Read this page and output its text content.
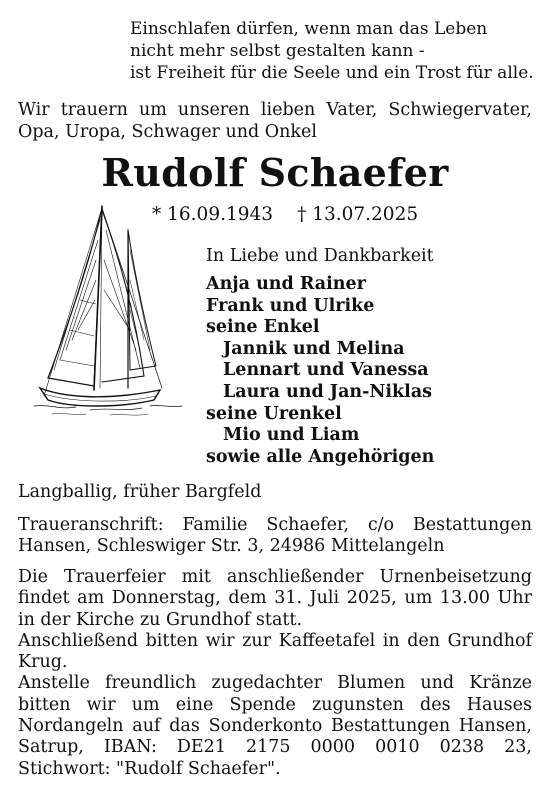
Einschlafen dürfen, wenn man das Leben
nicht mehr selbst gestalten kann -
ist Freiheit für die Seele und ein Trost für alle.
Wir trauern um unseren lieben Vater, Schwiegervater,
Opa, Uropa, Schwager und Onkel
Rudolf Schaefer
* 16.09.1943 † 13.07.2025
In Liebe und Dankbarkeit
Anja und Rainer
Frank und Ulrike
seine Enkel
Jannik und Melina
Lennart und Vanessa
Laura und Jan-Niklas
seine Urenkel
Mio und Liam
sowie alle Angehörigen
Langballig, früher Bargfeld
Traueranschrift: Familie Schaefer, c/o Bestattungen
Hansen, Schleswiger Str. 3, 24986 Mittelangeln
Die Trauerfeier mit anschließender Urnenbeisetzung
findet am Donnerstag, dem 31. Juli 2025, um 13.00 Uhr
in der Kirche zu Grundhof statt.
Anschließend bitten wir zur Kaffeetafel in den Grundhof
Krug.
Anstelle freundlich zugedachter Blumen und Kränze
bitten wir um eine Spende zugunsten des Hauses
Nordangeln auf das Sonderkonto Bestattungen Hansen,
Satrup, IBAN: DE21 2175 0000 0010 0238 23,
Stichwort: "Rudolf Schaefer".
